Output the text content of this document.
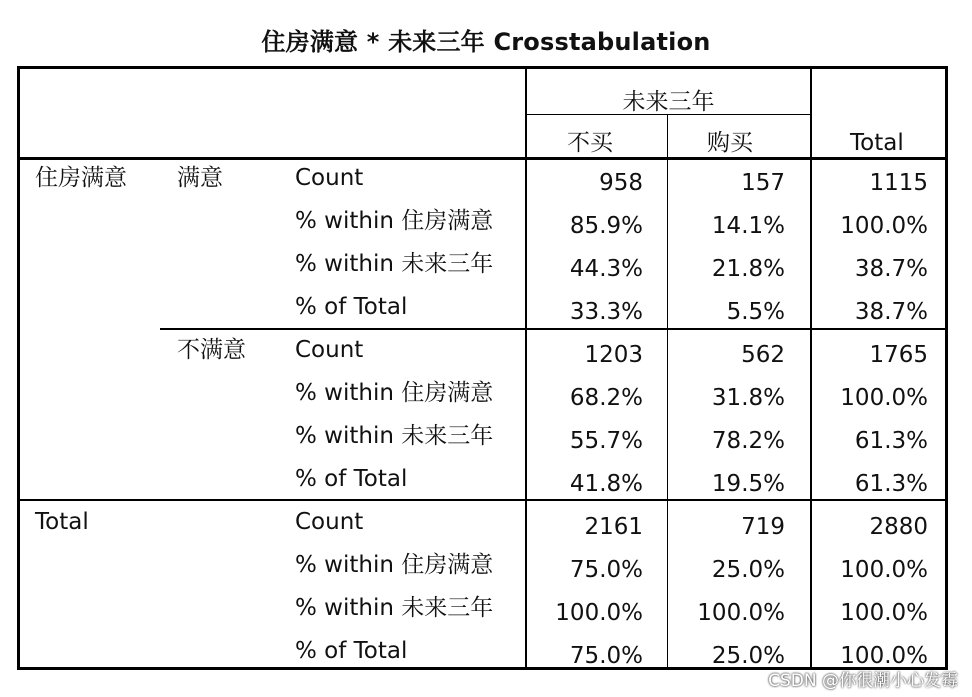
住房满意 * 未来三年 Crosstabulation
未来三年
不买	购买	Total
住房满意 满意	Count	958	157	1115
% within 住房满意	85.9%	14.1%	100.0%
% within 未来三年	44.3%	21.8%	38.7%
% of Total	33.3%	5.5%	38.7%
不满意 Count	1203	562	1765
% within 住房满意	68.2%	31.8%	100.0%
% within 未来三年	55.7%	78.2%	61.3%
% of Total	41.8%	19.5%	61.3%
Total	Count	2161	719	2880
% within 住房满意	75.0%	25.0%	100.0%
% within 未来三年	100.0%	100.0%	100.0%
% of Total	75.0%	25.0%	100.0%
CSDN @你很潮小心发霉
